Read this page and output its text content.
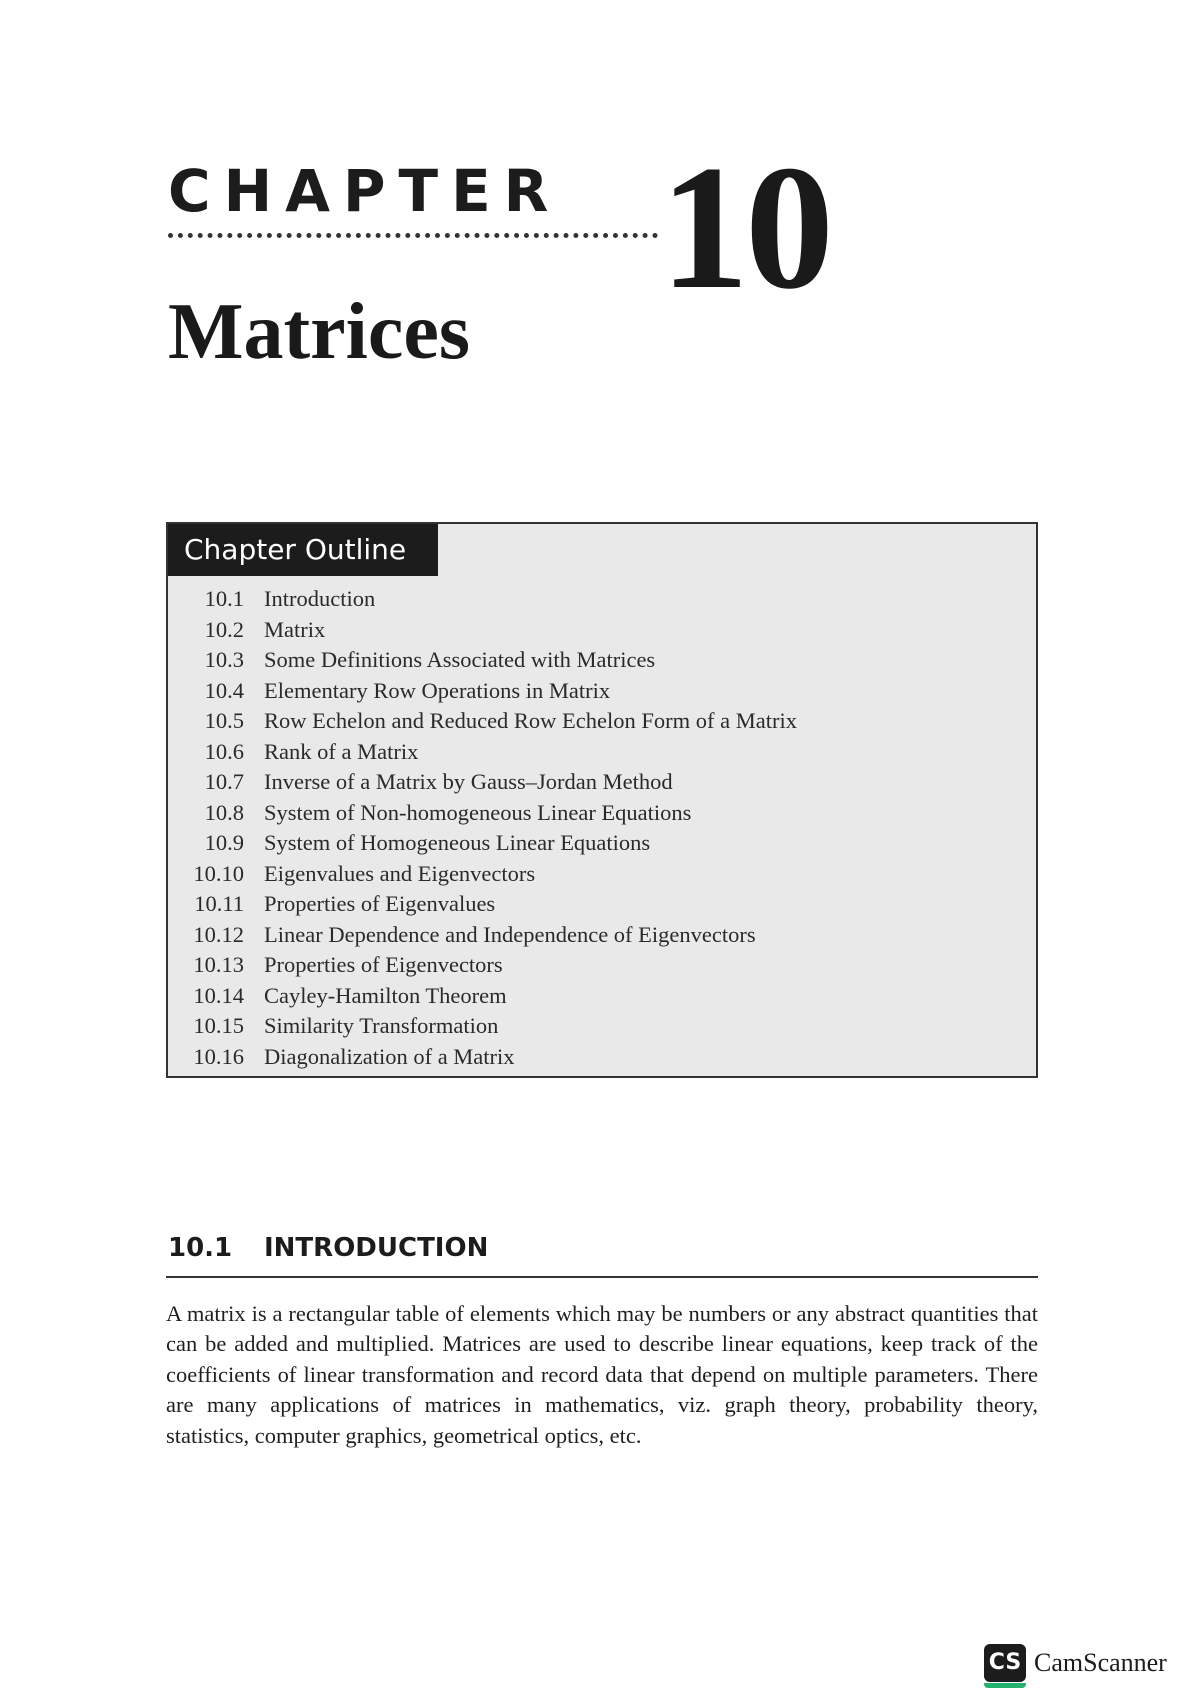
CHAPTER 10
Matrices
Chapter Outline
10.1 Introduction
10.2 Matrix
10.3 Some Definitions Associated with Matrices
10.4 Elementary Row Operations in Matrix
10.5 Row Echelon and Reduced Row Echelon Form of a Matrix
10.6 Rank of a Matrix
10.7 Inverse of a Matrix by Gauss–Jordan Method
10.8 System of Non-homogeneous Linear Equations
10.9 System of Homogeneous Linear Equations
10.10 Eigenvalues and Eigenvectors
10.11 Properties of Eigenvalues
10.12 Linear Dependence and Independence of Eigenvectors
10.13 Properties of Eigenvectors
10.14 Cayley-Hamilton Theorem
10.15 Similarity Transformation
10.16 Diagonalization of a Matrix
10.1 INTRODUCTION

A matrix is a rectangular table of elements which may be numbers or any abstract quantities that can be added and multiplied. Matrices are used to describe linear equations, keep track of the coefficients of linear transformation and record data that depend on multiple parameters. There are many applications of matrices in mathematics, viz. graph theory, probability theory, statistics, computer graphics, geometrical optics, etc.

CS CamScanner
